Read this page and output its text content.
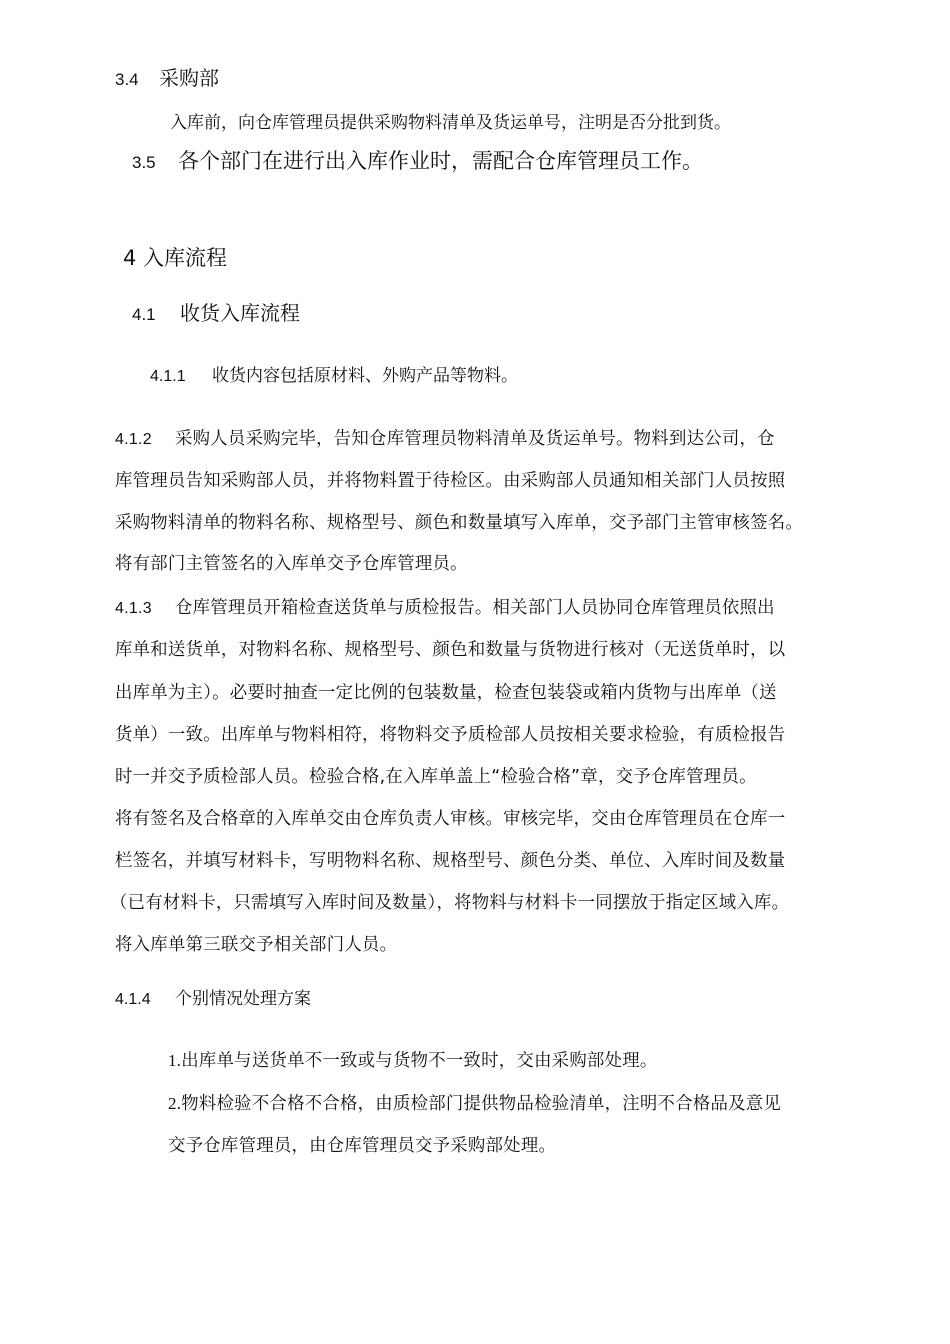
3.4 采购部
入库前，向仓库管理员提供采购物料清单及货运单号，注明是否分批到货。
3.5 各个部门在进行出入库作业时，需配合仓库管理员工作。
4 入库流程
4.1 收货入库流程
4.1.1 收货内容包括原材料、外购产品等物料。
4.1.2 采购人员采购完毕，告知仓库管理员物料清单及货运单号。物料到达公司，仓
库管理员告知采购部人员，并将物料置于待检区。由采购部人员通知相关部门人员按照
采购物料清单的物料名称、规格型号、颜色和数量填写入库单，交予部门主管审核签名。
将有部门主管签名的入库单交予仓库管理员。
4.1.3 仓库管理员开箱检查送货单与质检报告。相关部门人员协同仓库管理员依照出
库单和送货单，对物料名称、规格型号、颜色和数量与货物进行核对（无送货单时，以
出库单为主）。必要时抽查一定比例的包装数量，检查包装袋或箱内货物与出库单（送
货单）一致。出库单与物料相符，将物料交予质检部人员按相关要求检验，有质检报告
时一并交予质检部人员。检验合格,在入库单盖上“检验合格”章，交予仓库管理员。
将有签名及合格章的入库单交由仓库负责人审核。审核完毕，交由仓库管理员在仓库一
栏签名，并填写材料卡，写明物料名称、规格型号、颜色分类、单位、入库时间及数量
（已有材料卡，只需填写入库时间及数量），将物料与材料卡一同摆放于指定区域入库。
将入库单第三联交予相关部门人员。
4.1.4 个别情况处理方案
1.出库单与送货单不一致或与货物不一致时，交由采购部处理。
2.物料检验不合格不合格，由质检部门提供物品检验清单，注明不合格品及意见
交予仓库管理员，由仓库管理员交予采购部处理。
